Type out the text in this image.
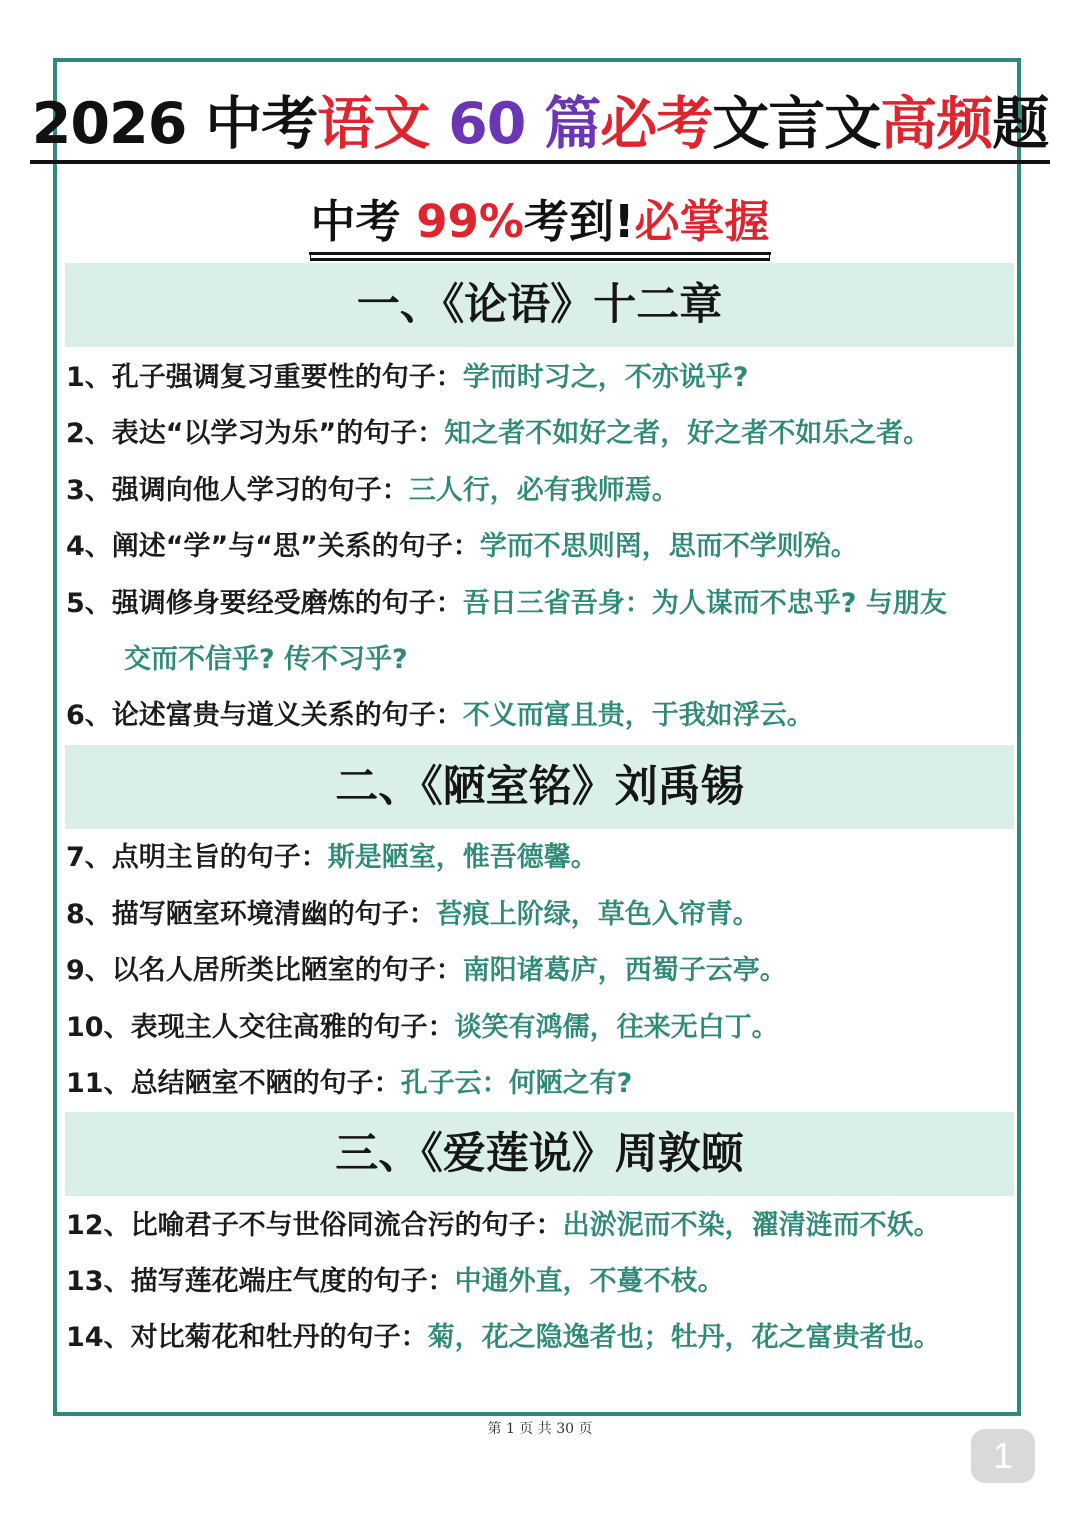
2026 中考语文 60 篇必考文言文高频题
中考 99%考到!必掌握
一、《论语》十二章
1、孔子强调复习重要性的句子：学而时习之，不亦说乎?
2、表达“以学习为乐”的句子：知之者不如好之者，好之者不如乐之者。
3、强调向他人学习的句子：三人行，必有我师焉。
4、阐述“学”与“思”关系的句子：学而不思则罔，思而不学则殆。
5、强调修身要经受磨炼的句子：吾日三省吾身：为人谋而不忠乎? 与朋友
交而不信乎? 传不习乎?
6、论述富贵与道义关系的句子：不义而富且贵，于我如浮云。
二、《陋室铭》刘禹锡
7、点明主旨的句子：斯是陋室，惟吾德馨。
8、描写陋室环境清幽的句子：苔痕上阶绿，草色入帘青。
9、以名人居所类比陋室的句子：南阳诸葛庐，西蜀子云亭。
10、表现主人交往高雅的句子：谈笑有鸿儒，往来无白丁。
11、总结陋室不陋的句子：孔子云：何陋之有?
三、《爱莲说》周敦颐
12、比喻君子不与世俗同流合污的句子：出淤泥而不染，濯清涟而不妖。
13、描写莲花端庄气度的句子：中通外直，不蔓不枝。
14、对比菊花和牡丹的句子：菊，花之隐逸者也；牡丹，花之富贵者也。
第 1 页 共 30 页
1
